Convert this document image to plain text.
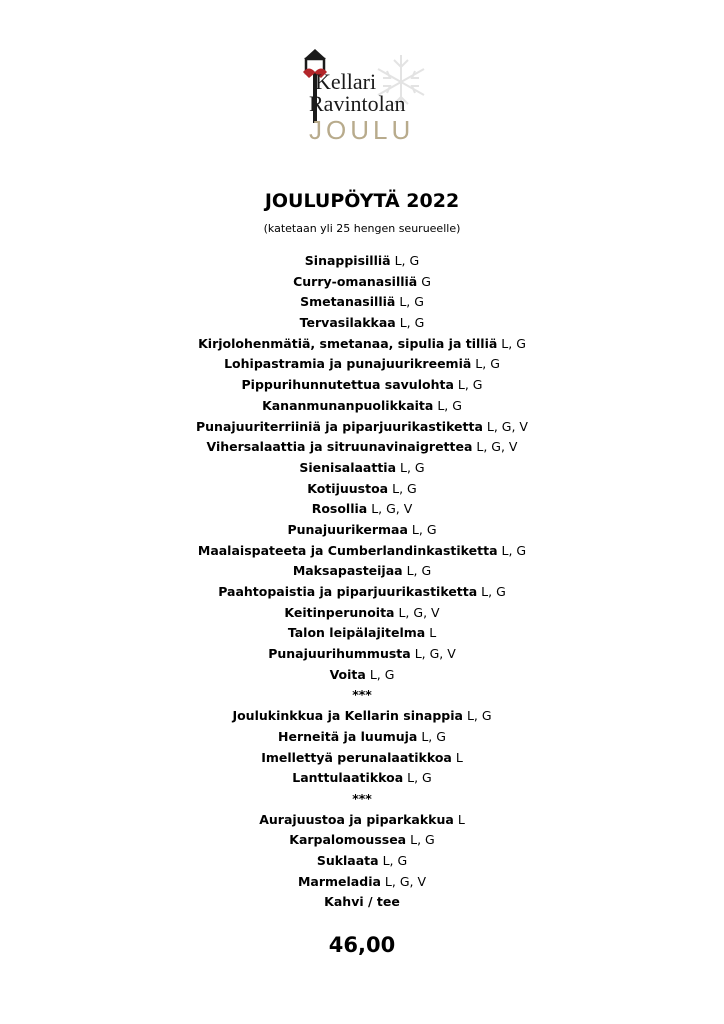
Kellari
Ravintolan
JOULU
JOULUPÖYTÄ 2022
(katetaan yli 25 hengen seurueelle)
Sinappisilliä L, G
Curry-omanasilliä G
Smetanasilliä L, G
Tervasilakkaa L, G
Kirjolohenmätiä, smetanaa, sipulia ja tilliä L, G
Lohipastramia ja punajuurikreemiä L, G
Pippurihunnutettua savulohta L, G
Kananmunanpuolikkaita L, G
Punajuuriterriiniä ja piparjuurikastiketta L, G, V
Vihersalaattia ja sitruunavinaigrettea L, G, V
Sienisalaattia L, G
Kotijuustoa L, G
Rosollia L, G, V
Punajuurikermaa L, G
Maalaispateeta ja Cumberlandinkastiketta L, G
Maksapasteijaa L, G
Paahtopaistia ja piparjuurikastiketta L, G
Keitinperunoita L, G, V
Talon leipälajitelma L
Punajuurihummusta L, G, V
Voita L, G
***
Joulukinkkua ja Kellarin sinappia L, G
Herneitä ja luumuja L, G
Imellettyä perunalaatikkoa L
Lanttulaatikkoa L, G
***
Aurajuustoa ja piparkakkua L
Karpalomoussea L, G
Suklaata L, G
Marmeladia L, G, V
Kahvi / tee
46,00
